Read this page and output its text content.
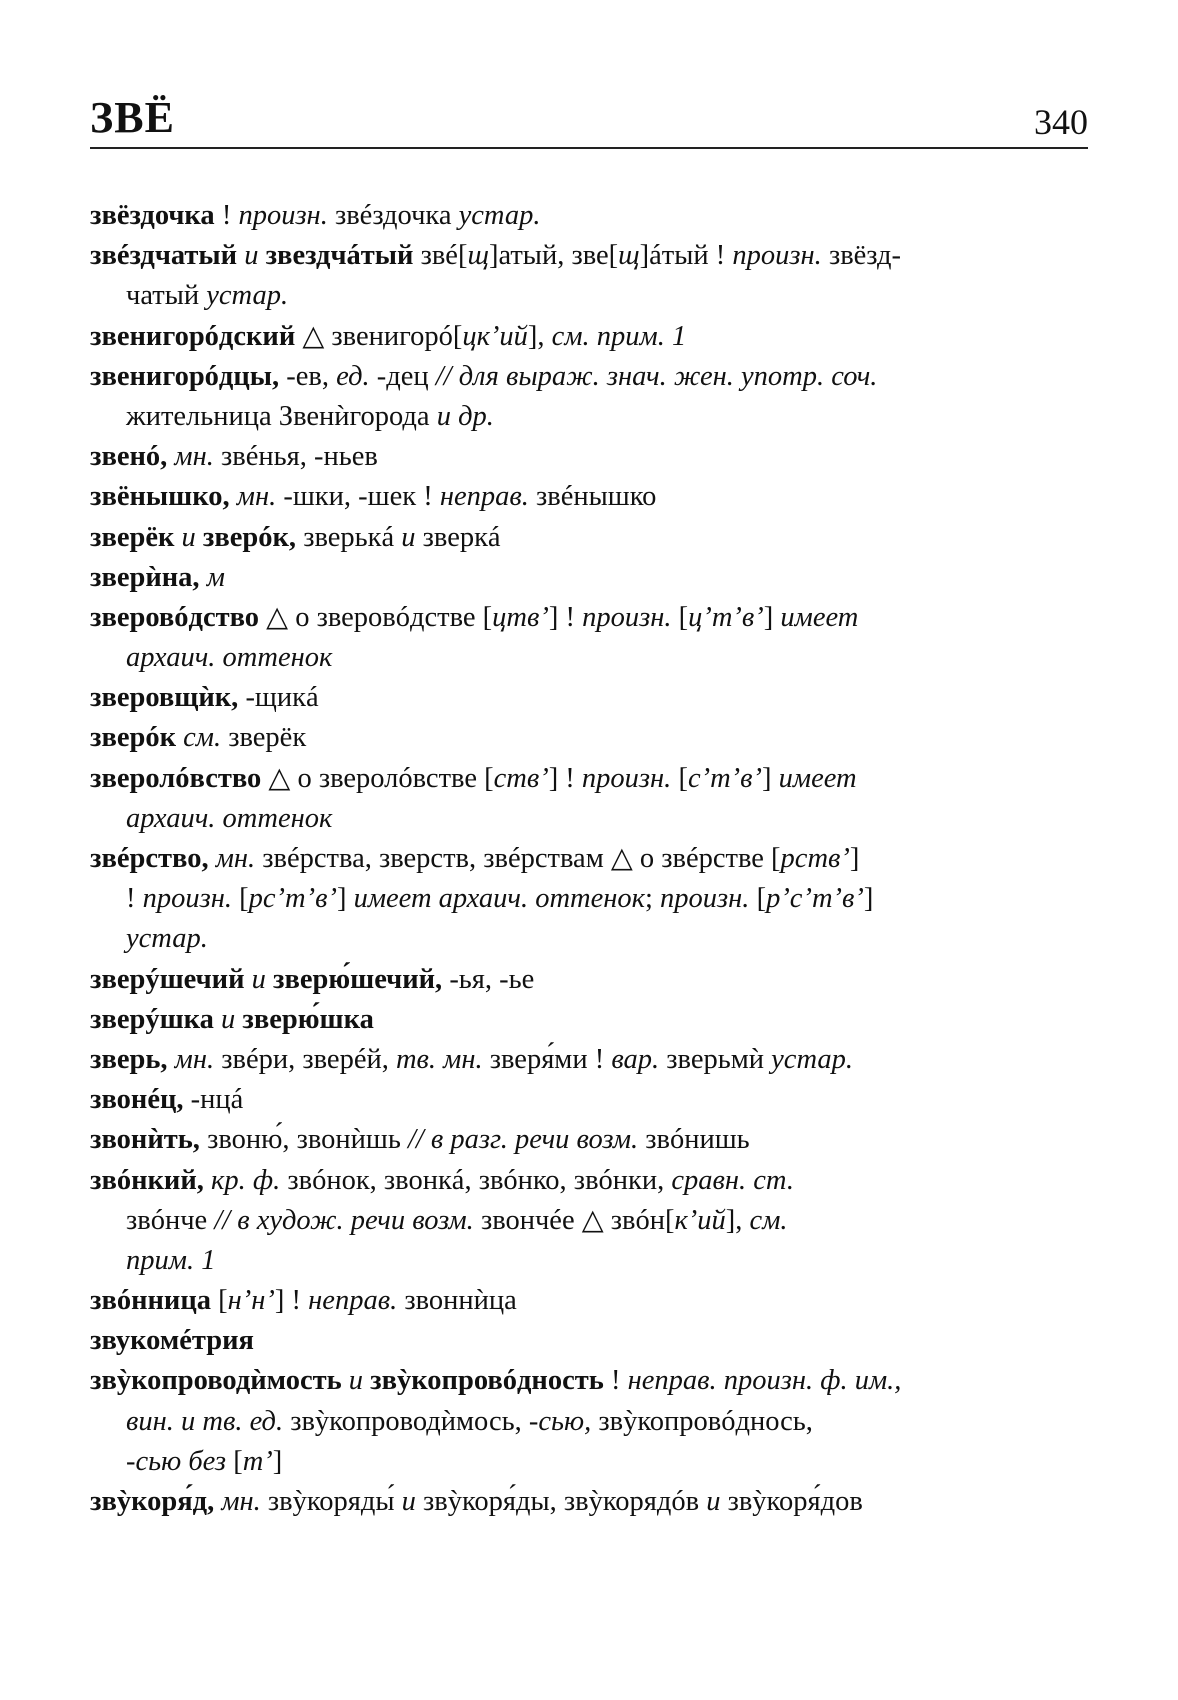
ЗВЁ	340
звёздочка ! произн. звéздочка устар.
звéздчатый и звездчáтый звé[щ]атый, зве[щ]áтый ! произн. звёзд-
чатый устар.
звенигорóдский △ звенигорó[цкʼий], см. прим. 1
звенигорóдцы, -ев, ед. -дец // для выраж. знач. жен. употр. соч.
жительница Звенѝгорода и др.
звенó, мн. звéнья, -ньев
звёнышко, мн. -шки, -шек ! неправ. звéнышко
зверёк и зверóк, зверькá и зверкá
зверѝна, м
зверовóдство △ о зверовóдстве [цтвʼ] ! произн. [цʼтʼвʼ] имеет
архаич. оттенок
зверовщѝк, -щикá
зверóк см. зверёк
зверолóвство △ о зверолóвстве [ствʼ] ! произн. [сʼтʼвʼ] имеет
архаич. оттенок
звéрство, мн. звéрства, зверств, звéрствам △ о звéрстве [рствʼ]
! произн. [рсʼтʼвʼ] имеет архаич. оттенок; произн. [рʼсʼтʼвʼ]
устар.
зверýшечий и зверю́шечий, -ья, -ье
зверýшка и зверю́шка
зверь, мн. звéри, зверéй, тв. мн. зверя́ми ! вар. зверьмѝ устар.
звонéц, -нцá
звонѝть, звоню́, звонѝшь // в разг. речи возм. звóнишь
звóнкий, кр. ф. звóнок, звонкá, звóнко, звóнки, сравн. ст.
звóнче // в худож. речи возм. звончéе △ звóн[кʼий], см.
прим. 1
звóнница [нʼнʼ] ! неправ. звоннѝца
звукомéтрия
звỳкопроводѝмость и звỳкопровóдность ! неправ. произн. ф. им.,
вин. и тв. ед. звỳкопроводѝмось, -сью, звỳкопровóднось,
-сью без [тʼ]
звỳкоря́д, мн. звỳкоряды́ и звỳкоря́ды, звỳкорядóв и звỳкоря́дов
